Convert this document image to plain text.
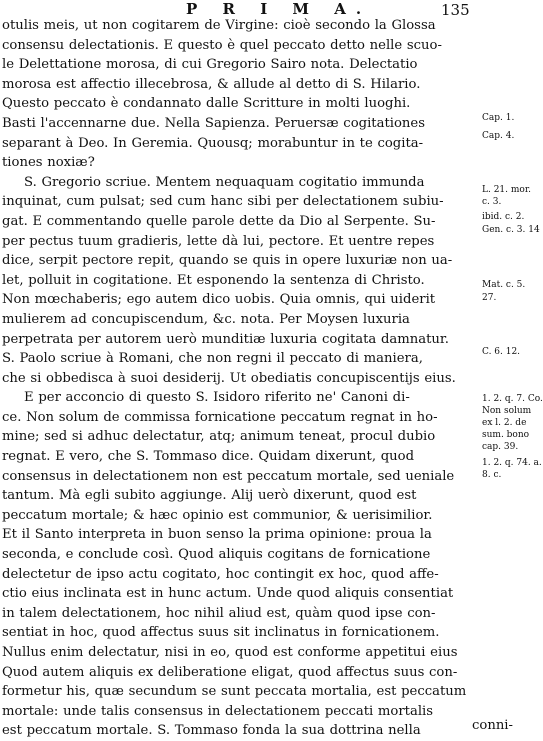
P R I M A.	135
otulis meis, ut non cogitarem de Virgine: cioè secondo la Glossa
consensu delectationis. E questo è quel peccato detto nelle scuo-
le Delettatione morosa, di cui Gregorio Sairo nota. Delectatio
morosa est affectio illecebrosa, & allude al detto di S. Hilario.
Questo peccato è condannato dalle Scritture in molti luoghi.
Basti l'accennarne due. Nella Sapienza. Peruersæ cogitationes
separant à Deo. In Geremia. Quousq; morabuntur in te cogita-
tiones noxiæ?
S. Gregorio scriue. Mentem nequaquam cogitatio immunda
inquinat, cum pulsat; sed cum hanc sibi per delectationem subiu-
gat. E commentando quelle parole dette da Dio al Serpente. Su-
per pectus tuum gradieris, lette dà lui, pectore. Et uentre repes
dice, serpit pectore repit, quando se quis in opere luxuriæ non ua-
let, polluit in cogitatione. Et esponendo la sentenza di Christo.
Non mœchaberis; ego autem dico uobis. Quia omnis, qui uiderit
mulierem ad concupiscendum, &c. nota. Per Moysen luxuria
perpetrata per autorem uerò munditiæ luxuria cogitata damnatur.
S. Paolo scriue à Romani, che non regni il peccato di maniera,
che si obbedisca à suoi desiderij. Ut obediatis concupiscentijs eius.
E per acconcio di questo S. Isidoro riferito ne' Canoni di-
ce. Non solum de commissa fornicatione peccatum regnat in ho-
mine; sed si adhuc delectatur, atq; animum teneat, procul dubio
regnat. E vero, che S. Tommaso dice. Quidam dixerunt, quod
consensus in delectationem non est peccatum mortale, sed ueniale
tantum. Mà egli subito aggiunge. Alij uerò dixerunt, quod est
peccatum mortale; & hæc opinio est communior, & uerisimilior.
Et il Santo interpreta in buon senso la prima opinione: proua la
seconda, e conclude così. Quod aliquis cogitans de fornicatione
delectetur de ipso actu cogitato, hoc contingit ex hoc, quod affe-
ctio eius inclinata est in hunc actum. Unde quod aliquis consentiat
in talem delectationem, hoc nihil aliud est, quàm quod ipse con-
sentiat in hoc, quod affectus suus sit inclinatus in fornicationem.
Nullus enim delectatur, nisi in eo, quod est conforme appetitui eius
Quod autem aliquis ex deliberatione eligat, quod affectus suus con-
formetur his, quæ secundum se sunt peccata mortalia, est peccatum
mortale: unde talis consensus in delectationem peccati mortalis
est peccatum mortale. S. Tommaso fonda la sua dottrina nella
Cap. 1.
Cap. 4.
L. 21. mor.
c. 3.
ibid. c. 2.
Gen. c. 3. 14
Mat. c. 5.
27.
C. 6. 12.
1. 2. q. 7. Co.
Non solum
ex l. 2. de
sum. bono
cap. 39.
1. 2. q. 74. a.
8. c.
conni-
